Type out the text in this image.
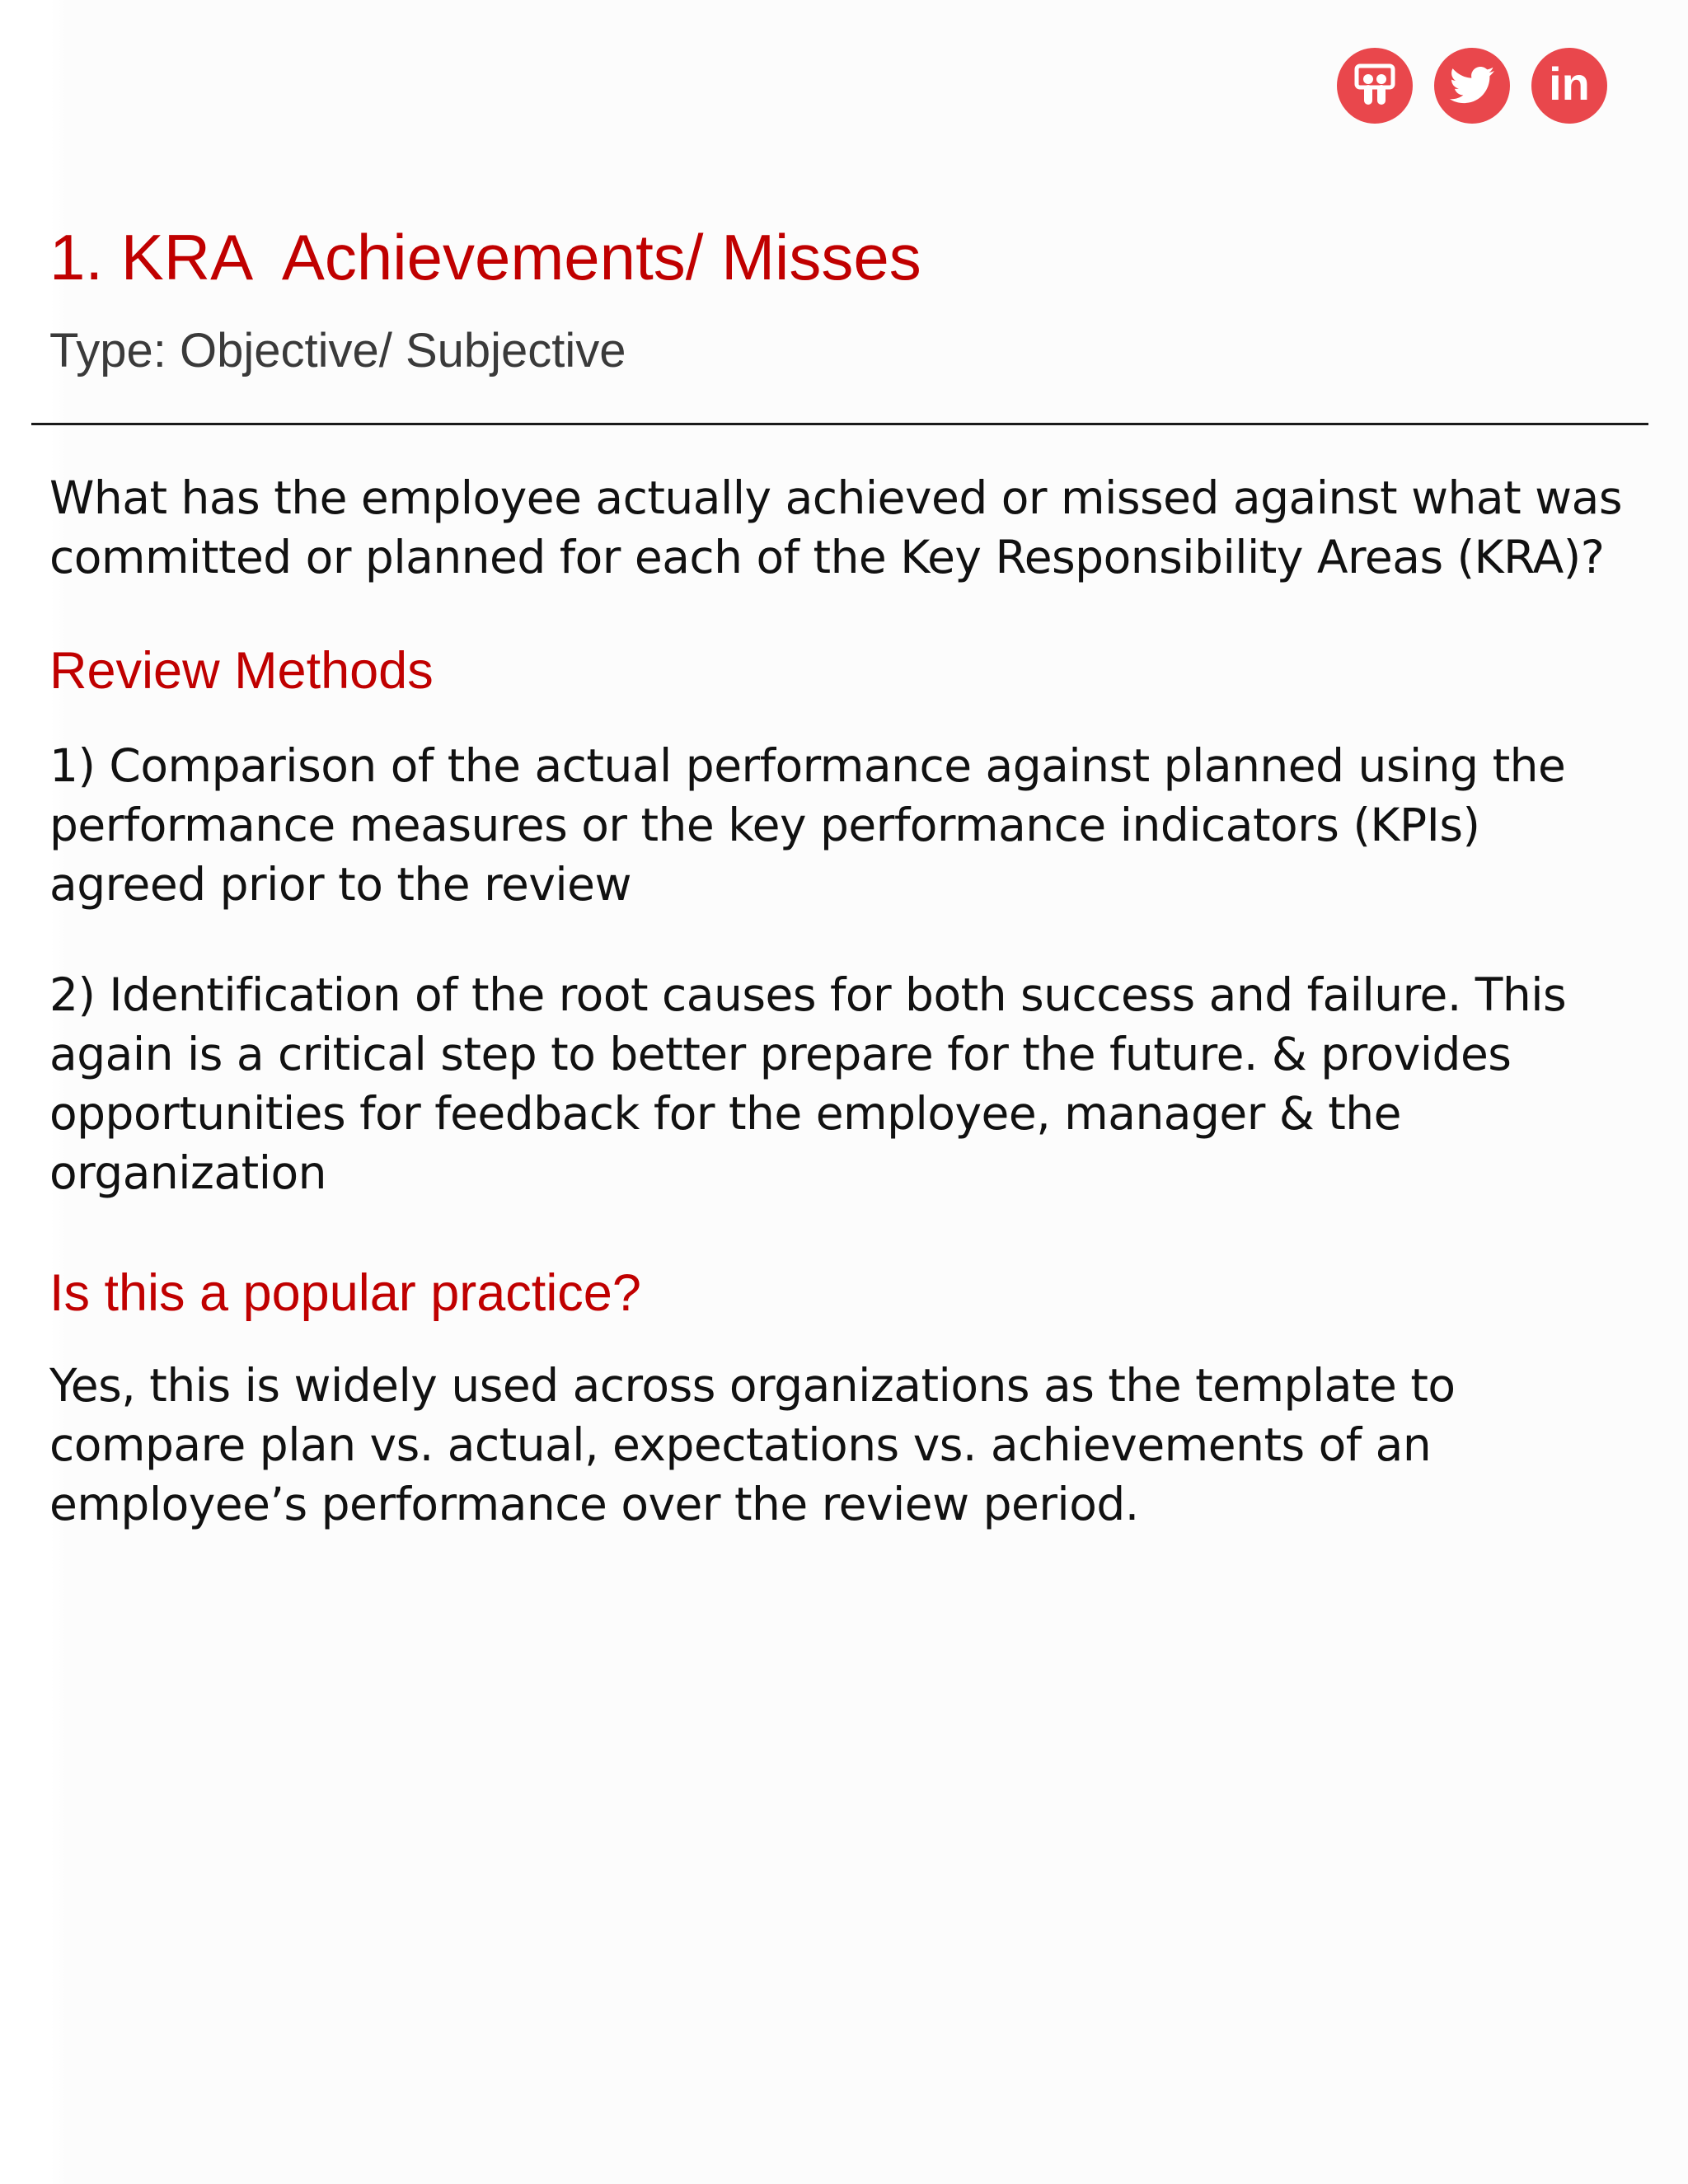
in
1. KRA  Achievements/ Misses
Type: Objective/ Subjective

What has the employee actually achieved or missed against what was committed or planned for each of the Key Responsibility Areas (KRA)?

Review Methods

1) Comparison of the actual performance against planned using the performance measures or the key performance indicators (KPIs) agreed prior to the review

2) Identification of the root causes for both success and failure. This again is a critical step to better prepare for the future. & provides opportunities for feedback for the employee, manager & the organization

Is this a popular practice?

Yes, this is widely used across organizations as the template to compare plan vs. actual, expectations vs. achievements of an employee’s performance over the review period.
